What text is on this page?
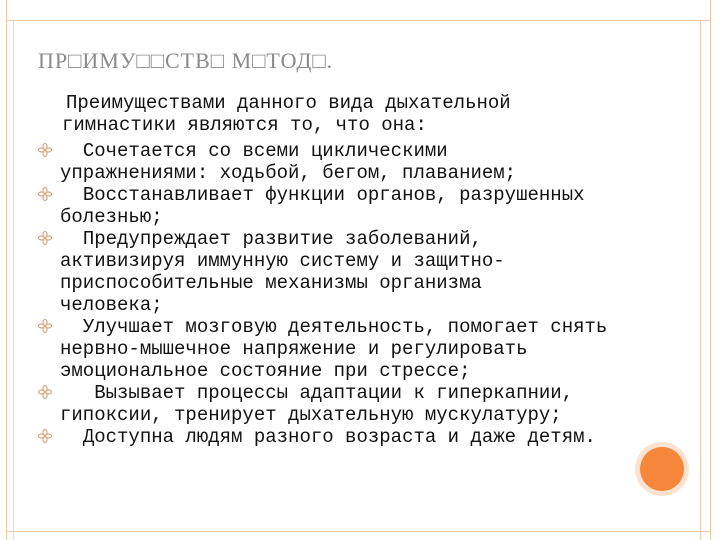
ПР□ИМУ□□СТВ□ М□ТОД□.
Преимуществами данного вида дыхательной
гимнастики являются то, что она:
Сочетается со всеми циклическими
упражнениями: ходьбой, бегом, плаванием;
Восстанавливает функции органов, разрушенных
болезнью;
Предупреждает развитие заболеваний,
активизируя иммунную систему и защитно-
приспособительные механизмы организма
человека;
Улучшает мозговую деятельность, помогает снять
нервно-мышечное напряжение и регулировать
эмоциональное состояние при стрессе;
Вызывает процессы адаптации к гиперкапнии,
гипоксии, тренирует дыхательную мускулатуру;
Доступна людям разного возраста и даже детям.
